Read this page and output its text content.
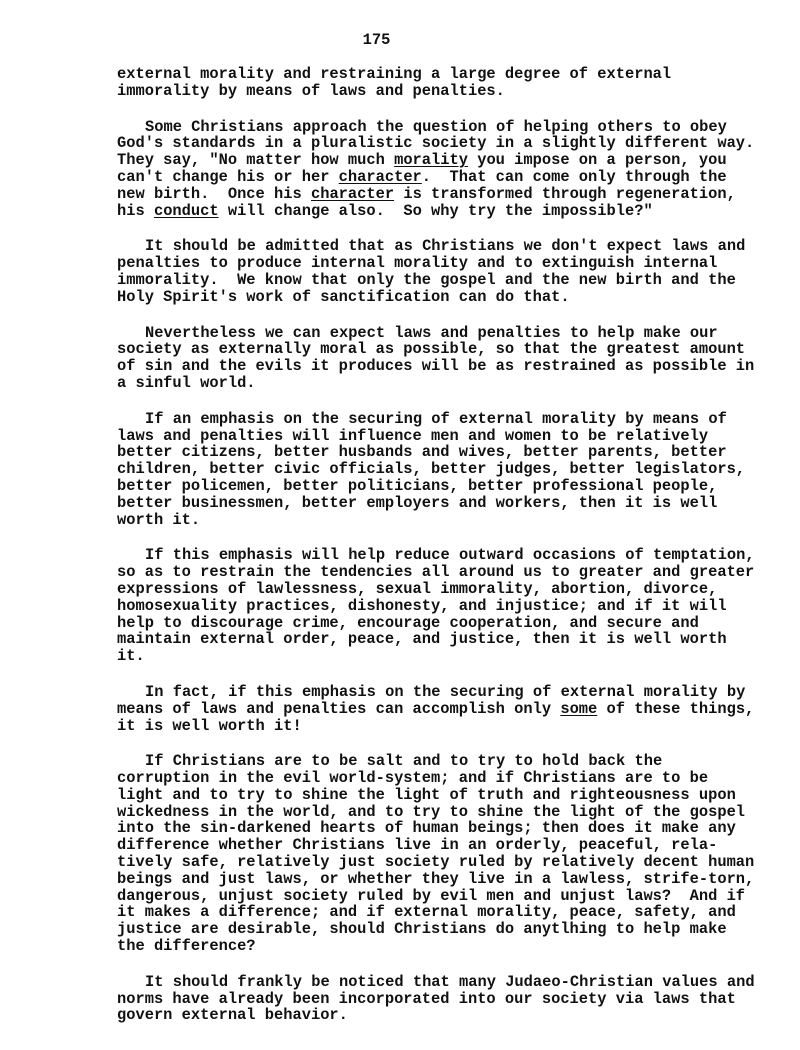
175
external morality and restraining a large degree of external
immorality by means of laws and penalties.
Some Christians approach the question of helping others to obey
God's standards in a pluralistic society in a slightly different way.
They say, "No matter how much morality you impose on a person, you
can't change his or her character.  That can come only through the
new birth.  Once his character is transformed through regeneration,
his conduct will change also.  So why try the impossible?"
It should be admitted that as Christians we don't expect laws and
penalties to produce internal morality and to extinguish internal
immorality.  We know that only the gospel and the new birth and the
Holy Spirit's work of sanctification can do that.
Nevertheless we can expect laws and penalties to help make our
society as externally moral as possible, so that the greatest amount
of sin and the evils it produces will be as restrained as possible in
a sinful world.
If an emphasis on the securing of external morality by means of
laws and penalties will influence men and women to be relatively
better citizens, better husbands and wives, better parents, better
children, better civic officials, better judges, better legislators,
better policemen, better politicians, better professional people,
better businessmen, better employers and workers, then it is well
worth it.
If this emphasis will help reduce outward occasions of temptation,
so as to restrain the tendencies all around us to greater and greater
expressions of lawlessness, sexual immorality, abortion, divorce,
homosexuality practices, dishonesty, and injustice; and if it will
help to discourage crime, encourage cooperation, and secure and
maintain external order, peace, and justice, then it is well worth
it.
In fact, if this emphasis on the securing of external morality by
means of laws and penalties can accomplish only some of these things,
it is well worth it!
If Christians are to be salt and to try to hold back the
corruption in the evil world-system; and if Christians are to be
light and to try to shine the light of truth and righteousness upon
wickedness in the world, and to try to shine the light of the gospel
into the sin-darkened hearts of human beings; then does it make any
difference whether Christians live in an orderly, peaceful, rela-
tively safe, relatively just society ruled by relatively decent human
beings and just laws, or whether they live in a lawless, strife-torn,
dangerous, unjust society ruled by evil men and unjust laws?  And if
it makes a difference; and if external morality, peace, safety, and
justice are desirable, should Christians do anytlhing to help make
the difference?
It should frankly be noticed that many Judaeo-Christian values and
norms have already been incorporated into our society via laws that
govern external behavior.
